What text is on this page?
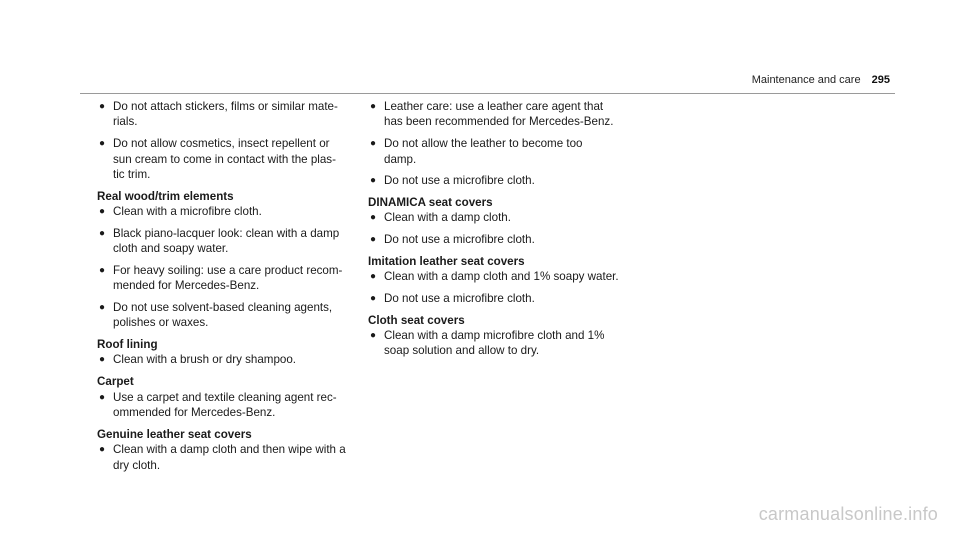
Maintenance and care 295
● Do not attach stickers, films or similar mate-
rials.
● Do not allow cosmetics, insect repellent or
sun cream to come in contact with the plas-
tic trim.
Real wood/trim elements
● Clean with a microfibre cloth.
● Black piano-lacquer look: clean with a damp
cloth and soapy water.
● For heavy soiling: use a care product recom-
mended for Mercedes-Benz.
● Do not use solvent-based cleaning agents,
polishes or waxes.
Roof lining
● Clean with a brush or dry shampoo.
Carpet
● Use a carpet and textile cleaning agent rec-
ommended for Mercedes-Benz.
Genuine leather seat covers
● Clean with a damp cloth and then wipe with a
dry cloth.
● Leather care: use a leather care agent that
has been recommended for Mercedes-Benz.
● Do not allow the leather to become too
damp.
● Do not use a microfibre cloth.
DINAMICA seat covers
● Clean with a damp cloth.
● Do not use a microfibre cloth.
Imitation leather seat covers
● Clean with a damp cloth and 1% soapy water.
● Do not use a microfibre cloth.
Cloth seat covers
● Clean with a damp microfibre cloth and 1%
soap solution and allow to dry.
carmanualsonline.info
